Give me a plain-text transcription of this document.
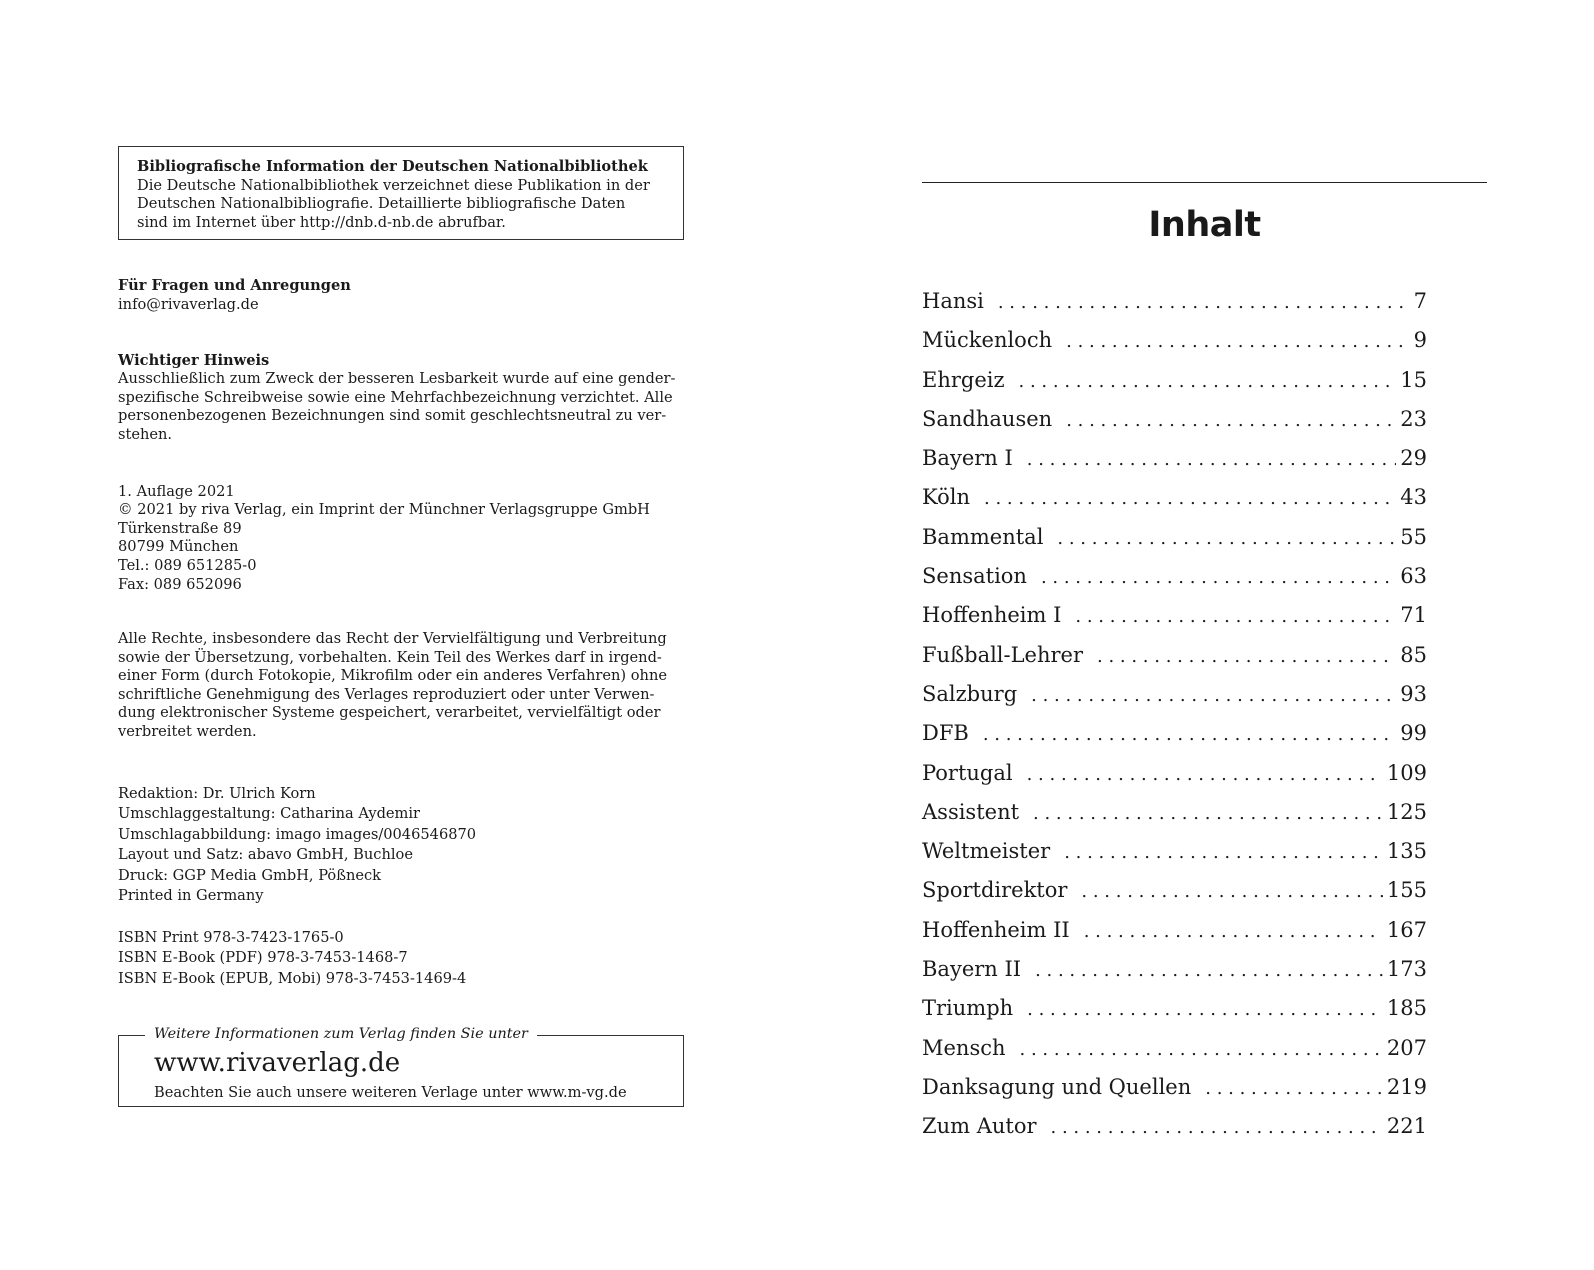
Bibliografische Information der Deutschen Nationalbibliothek
Die Deutsche Nationalbibliothek verzeichnet diese Publikation in der
Deutschen Nationalbibliografie. Detaillierte bibliografische Daten
sind im Internet über http://dnb.d-nb.de abrufbar.
Für Fragen und Anregungen
info@rivaverlag.de
Wichtiger Hinweis
Ausschließlich zum Zweck der besseren Lesbarkeit wurde auf eine gender-
spezifische Schreibweise sowie eine Mehrfachbezeichnung verzichtet. Alle
personenbezogenen Bezeichnungen sind somit geschlechtsneutral zu ver-
stehen.
1. Auflage 2021
© 2021 by riva Verlag, ein Imprint der Münchner Verlagsgruppe GmbH
Türkenstraße 89
80799 München
Tel.: 089 651285-0
Fax: 089 652096
Alle Rechte, insbesondere das Recht der Vervielfältigung und Verbreitung
sowie der Übersetzung, vorbehalten. Kein Teil des Werkes darf in irgend-
einer Form (durch Fotokopie, Mikrofilm oder ein anderes Verfahren) ohne
schriftliche Genehmigung des Verlages reproduziert oder unter Verwen-
dung elektronischer Systeme gespeichert, verarbeitet, vervielfältigt oder
verbreitet werden.
Redaktion: Dr. Ulrich Korn
Umschlaggestaltung: Catharina Aydemir
Umschlagabbildung: imago images/0046546870
Layout und Satz: abavo GmbH, Buchloe
Druck: GGP Media GmbH, Pößneck
Printed in Germany
ISBN Print 978-3-7423-1765-0
ISBN E-Book (PDF) 978-3-7453-1468-7
ISBN E-Book (EPUB, Mobi) 978-3-7453-1469-4
Weitere Informationen zum Verlag finden Sie unter
www.rivaverlag.de
Beachten Sie auch unsere weiteren Verlage unter www.m-vg.de
Inhalt
Hansi . . .	7
Mückenloch . . .	9
Ehrgeiz . . .	15
Sandhausen . . .	23
Bayern I . . .	29
Köln . . .	43
Bammental . . .	55
Sensation . . .	63
Hoffenheim I . . .	71
Fußball-Lehrer . . .	85
Salzburg . . .	93
DFB . . .	99
Portugal . . .	109
Assistent . . .	125
Weltmeister . . .	135
Sportdirektor . . .	155
Hoffenheim II . . .	167
Bayern II . . .	173
Triumph . . .	185
Mensch . . .	207
Danksagung und Quellen . . .	219
Zum Autor . . .	221
